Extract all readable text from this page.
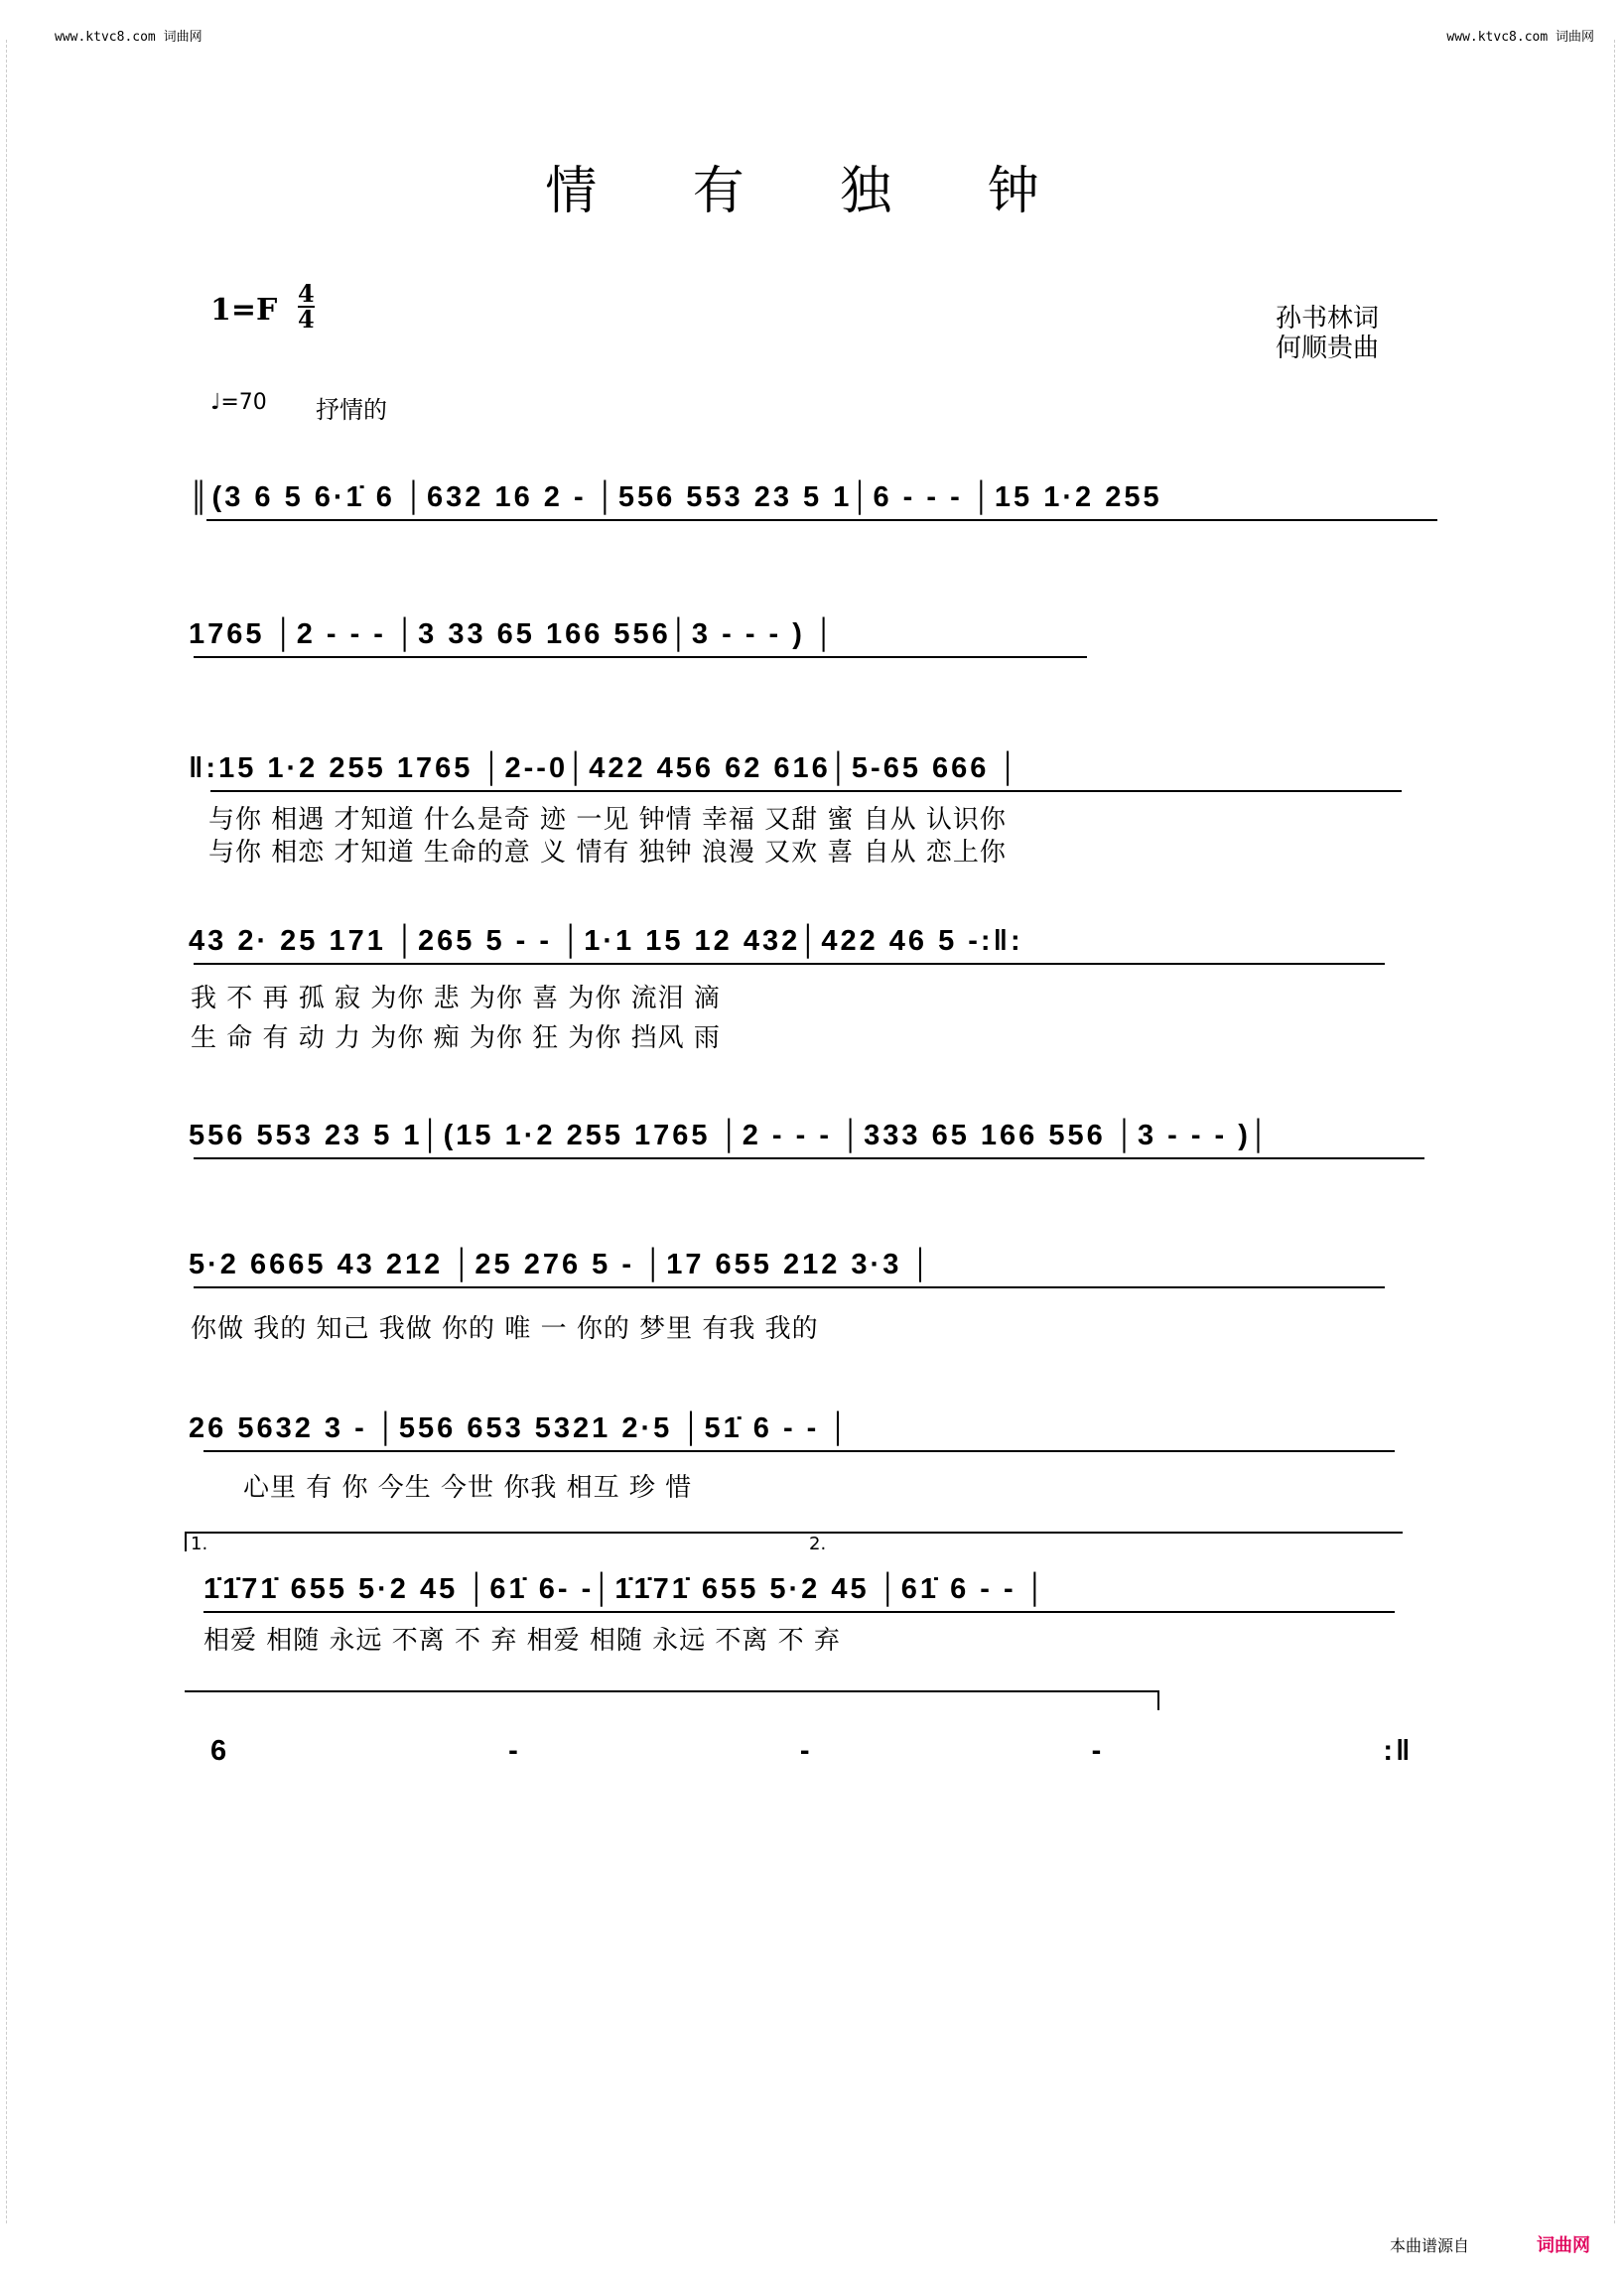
www.ktvc8.com 词曲网	www.ktvc8.com 词曲网
情 有 独 钟
1=F 4
4	孙书林词
何顺贵曲
♩=70 抒情的
║(3 6 5 6·1̇ 6 │632 16 2 - │556 553 23 5 1│6 - - - │15 1·2 255
1765 │2 - - - │3 33 65 166 556│3 - - - ) │
‖:15 1·2 255 1765 │2--0│422 456 62 616│5-65 666 │
与你 相遇 才知道 什么是奇 迹 一见 钟情 幸福 又甜 蜜 自从 认识你
与你 相恋 才知道 生命的意 义 情有 独钟 浪漫 又欢 喜 自从 恋上你
43 2· 25 171 │265 5 - - │1·1 15 12 432│422 46 5 -:‖:
我 不 再 孤 寂 为你 悲 为你 喜 为你 流泪 滴
生 命 有 动 力 为你 痴 为你 狂 为你 挡风 雨
556 553 23 5 1│(15 1·2 255 1765 │2 - - - │333 65 166 556 │3 - - - )│
5·2 6665 43 212 │25 276 5 - │17 655 212 3·3 │
你做 我的 知己 我做 你的 唯 一 你的 梦里 有我 我的
26 5632 3 - │556 653 5321 2·5 │51̇ 6 - - │
心里 有 你 今生 今世 你我 相互 珍 惜
1.	2.
1̇1̇71̇ 655 5·2 45 │61̇ 6- -│1̇1̇71̇ 655 5·2 45 │61̇ 6 - - │
相爱 相随 永远 不离 不 弃 相爱 相随 永远 不离 不 弃
6 - - - :‖
本曲谱源自	词曲网
